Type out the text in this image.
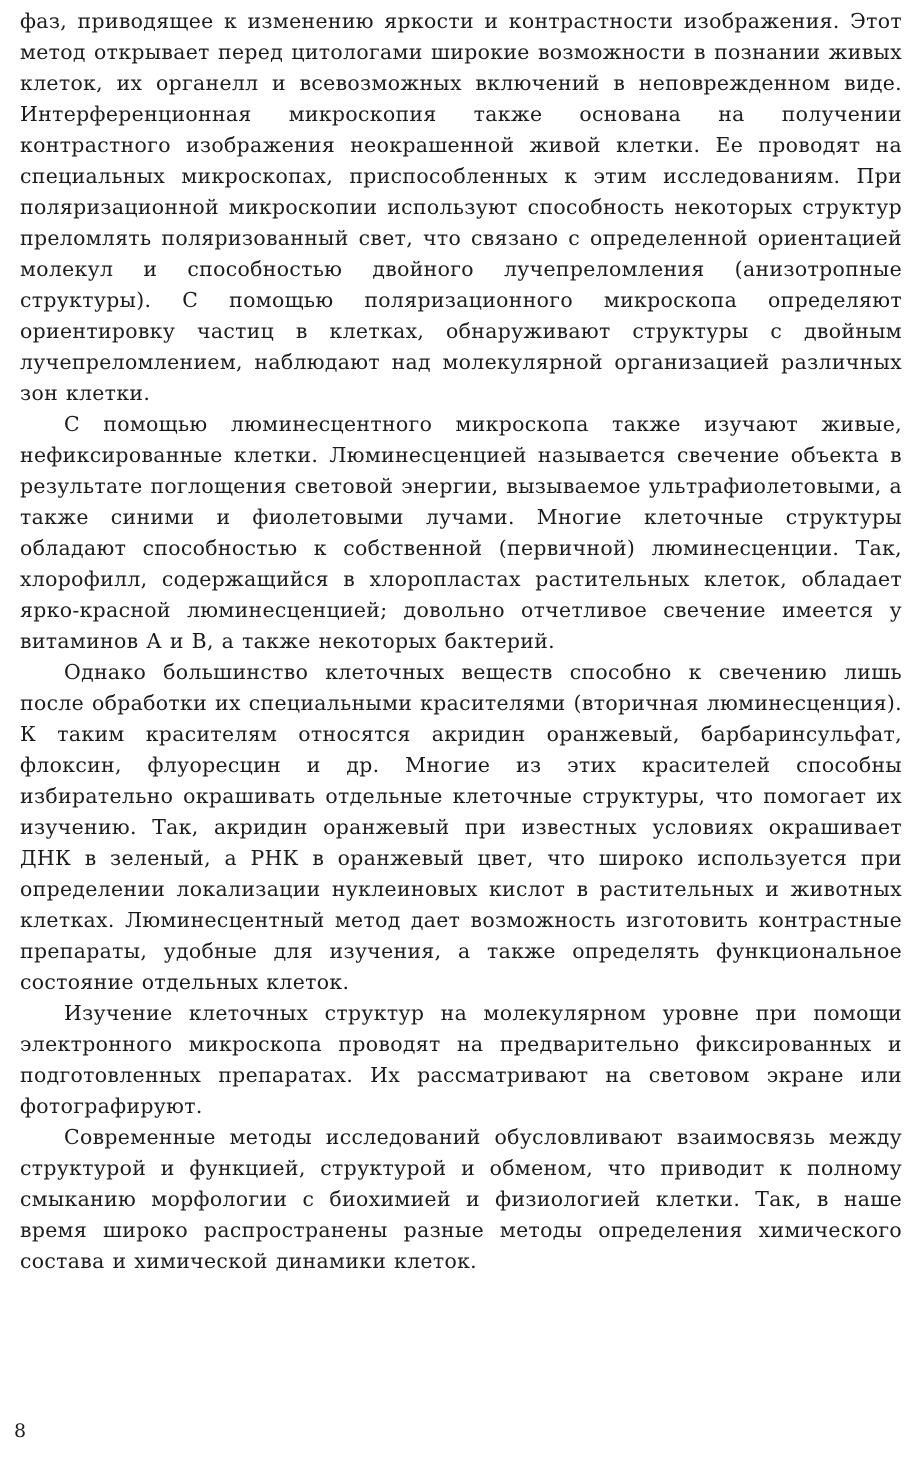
фаз, приводящее к изменению яркости и контрастности изображения. Этот метод открывает перед цитологами широкие возможности в познании живых клеток, их органелл и всевозможных включений в неповрежденном виде. Интерференционная микроскопия также основана на получении контрастного изображения неокрашенной живой клетки. Ее проводят на специальных микроскопах, приспособленных к этим исследованиям. При поляризационной микроскопии используют способность некоторых структур преломлять поляризованный свет, что связано с определенной ориентацией молекул и способностью двойного лучепреломления (анизотропные структуры). С помощью поляризационного микроскопа определяют ориентировку частиц в клетках, обнаруживают структуры с двойным лучепреломлением, наблюдают над молекулярной организацией различных зон клетки.

С помощью люминесцентного микроскопа также изучают живые, нефиксированные клетки. Люминесценцией называется свечение объекта в результате поглощения световой энергии, вызываемое ультрафиолетовыми, а также синими и фиолетовыми лучами. Многие клеточные структуры обладают способностью к собственной (первичной) люминесценции. Так, хлорофилл, содержащийся в хлоропластах растительных клеток, обладает ярко-красной люминесценцией; довольно отчетливое свечение имеется у витаминов А и В, а также некоторых бактерий.

Однако большинство клеточных веществ способно к свечению лишь после обработки их специальными красителями (вторичная люминесценция). К таким красителям относятся акридин оранжевый, барбаринсульфат, флоксин, флуоресцин и др. Многие из этих красителей способны избирательно окрашивать отдельные клеточные структуры, что помогает их изучению. Так, акридин оранжевый при известных условиях окрашивает ДНК в зеленый, а РНК в оранжевый цвет, что широко используется при определении локализации нуклеиновых кислот в растительных и животных клетках. Люминесцентный метод дает возможность изготовить контрастные препараты, удобные для изучения, а также определять функциональное состояние отдельных клеток.

Изучение клеточных структур на молекулярном уровне при помощи электронного микроскопа проводят на предварительно фиксированных и подготовленных препаратах. Их рассматривают на световом экране или фотографируют.

Современные методы исследований обусловливают взаимосвязь между структурой и функцией, структурой и обменом, что приводит к полному смыканию морфологии с биохимией и физиологией клетки. Так, в наше время широко распространены разные методы определения химического состава и химической динамики клеток.

8
